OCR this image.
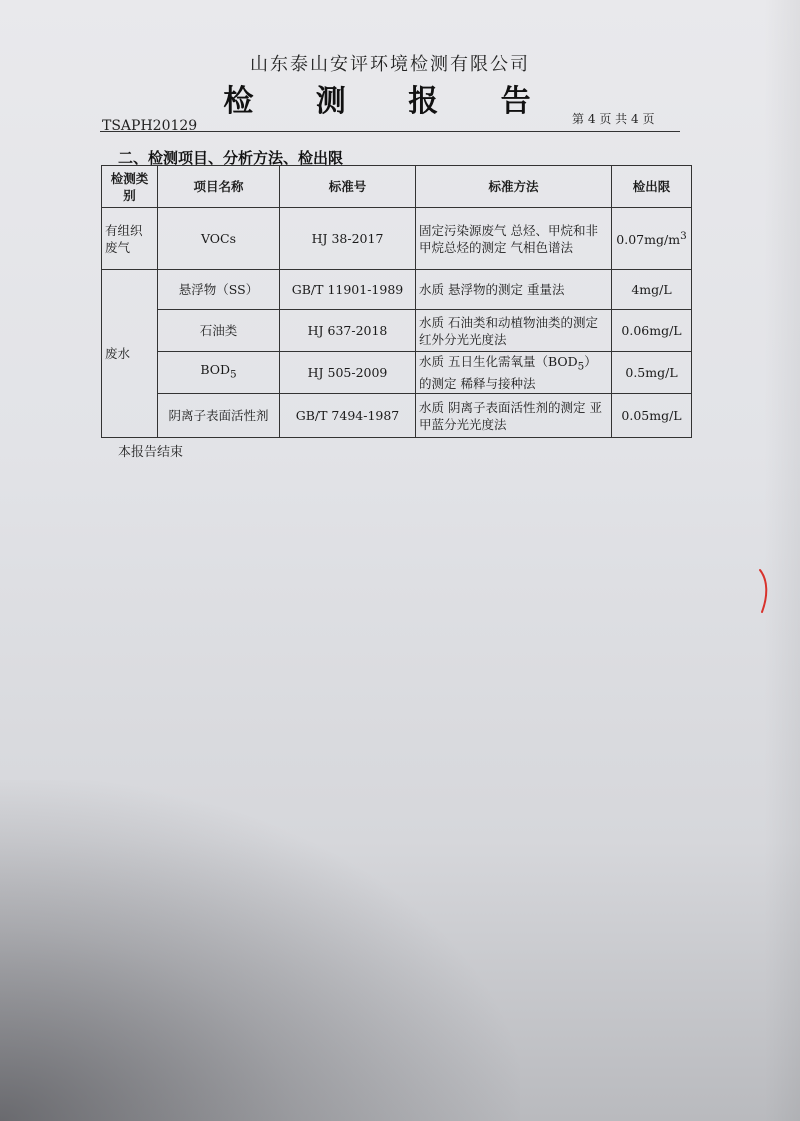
山东泰山安评环境检测有限公司
检 测 报 告
TSAPH20129	第 4 页 共 4 页
二、检测项目、分析方法、检出限
检测类别	项目名称	标准号	标准方法	检出限
有组织废气	VOCs	HJ 38-2017	固定污染源废气 总烃、甲烷和非甲烷总烃的测定 气相色谱法	$0.07mg/m^3$
废水	悬浮物（SS）	GB/T 11901-1989	水质 悬浮物的测定 重量法	4mg/L
	石油类	HJ 637-2018	水质 石油类和动植物油类的测定 红外分光光度法	0.06mg/L
	$BOD_5$	HJ 505-2009	水质 五日生化需氧量$(BOD_5)$的测定 稀释与接种法	0.5mg/L
	阴离子表面活性剂	GB/T 7494-1987	水质 阴离子表面活性剂的测定 亚甲蓝分光光度法	0.05mg/L
本报告结束
